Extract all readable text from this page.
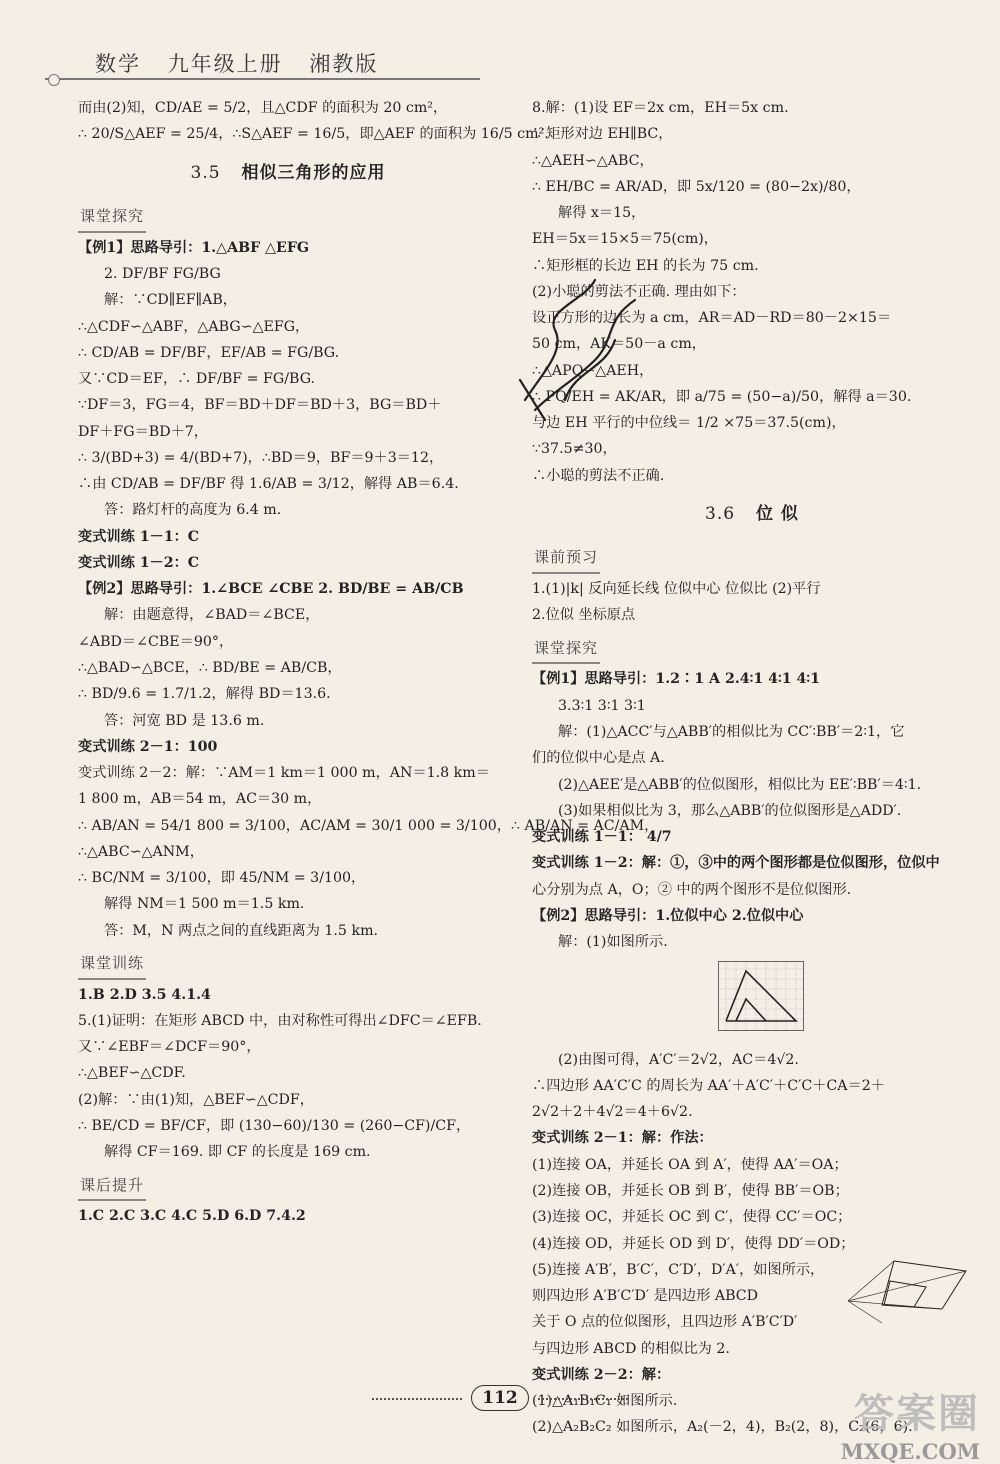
数学 九年级上册 湘教版
而由(2)知，CD/AE = 5/2，且△CDF 的面积为 20 cm²，
∴ 20/S△AEF = 25/4，∴S△AEF = 16/5，即△AEF 的面积为 16/5 cm².
3.5 相似三角形的应用
课堂探究
【例1】思路导引：1.△ABF △EFG
2. DF/BF FG/BG
解：∵CD∥EF∥AB，
∴△CDF∽△ABF，△ABG∽△EFG，
∴ CD/AB = DF/BF，EF/AB = FG/BG.
又∵CD＝EF，∴ DF/BF = FG/BG.
∵DF＝3，FG＝4，BF＝BD＋DF＝BD＋3，BG＝BD＋
DF＋FG＝BD＋7，
∴ 3/(BD+3) = 4/(BD+7)，∴BD＝9，BF＝9＋3＝12，
∴由 CD/AB = DF/BF 得 1.6/AB = 3/12，解得 AB＝6.4.
答：路灯杆的高度为 6.4 m.
变式训练 1－1：C
变式训练 1－2：C
【例2】思路导引：1.∠BCE ∠CBE 2. BD/BE = AB/CB
解：由题意得，∠BAD＝∠BCE，
∠ABD＝∠CBE＝90°，
∴△BAD∽△BCE，∴ BD/BE = AB/CB，
∴ BD/9.6 = 1.7/1.2，解得 BD＝13.6.
答：河宽 BD 是 13.6 m.
变式训练 2－1：100
变式训练 2－2：解：∵AM＝1 km＝1 000 m，AN＝1.8 km＝
1 800 m，AB＝54 m，AC＝30 m，
∴ AB/AN = 54/1 800 = 3/100，AC/AM = 30/1 000 = 3/100，∴ AB/AN = AC/AM，
∴△ABC∽△ANM，
∴ BC/NM = 3/100，即 45/NM = 3/100，
解得 NM＝1 500 m＝1.5 km.
答：M，N 两点之间的直线距离为 1.5 km.
课堂训练
1.B 2.D 3.5 4.1.4
5.(1)证明：在矩形 ABCD 中，由对称性可得出∠DFC＝∠EFB.
又∵∠EBF＝∠DCF＝90°，
∴△BEF∽△CDF.
(2)解：∵由(1)知，△BEF∽△CDF，
∴ BE/CD = BF/CF，即 (130−60)/130 = (260−CF)/CF，
解得 CF＝169. 即 CF 的长度是 169 cm.
课后提升
1.C 2.C 3.C 4.C 5.D 6.D 7.4.2
8.解：(1)设 EF＝2x cm，EH＝5x cm.
∵矩形对边 EH∥BC，
∴△AEH∽△ABC，
∴ EH/BC = AR/AD，即 5x/120 = (80−2x)/80，
解得 x＝15，
EH＝5x＝15×5＝75(cm)，
∴矩形框的长边 EH 的长为 75 cm.
(2)小聪的剪法不正确. 理由如下：
设正方形的边长为 a cm，AR＝AD－RD＝80－2×15＝
50 cm，AK＝50－a cm，
∴△APQ∽△AEH，
∴ PQ/EH = AK/AR，即 a/75 = (50−a)/50，解得 a＝30.
与边 EH 平行的中位线＝ 1/2 ×75＝37.5(cm)，
∵37.5≠30，
∴小聪的剪法不正确.
3.6 位 似
课前预习
1.(1)|k| 反向延长线 位似中心 位似比 (2)平行
2.位似 坐标原点
课堂探究
【例1】思路导引：1.2∶1 A 2.4∶1 4∶1 4∶1
3.3∶1 3∶1 3∶1
解：(1)△ACC′与△ABB′的相似比为 CC′∶BB′＝2∶1，它
们的位似中心是点 A.
(2)△AEE′是△ABB′的位似图形，相似比为 EE′∶BB′＝4∶1.
(3)如果相似比为 3，那么△ABB′的位似图形是△ADD′.
变式训练 1－1： 4/7
变式训练 1－2：解：①，③中的两个图形都是位似图形，位似中
心分别为点 A，O；② 中的两个图形不是位似图形.
【例2】思路导引：1.位似中心 2.位似中心
解：(1)如图所示.
(2)由图可得，A′C′＝2√2，AC＝4√2.
∴四边形 AA′C′C 的周长为 AA′＋A′C′＋C′C＋CA＝2＋
2√2＋2＋4√2＝4＋6√2.
变式训练 2－1：解：作法：
(1)连接 OA，并延长 OA 到 A′，使得 AA′＝OA；
(2)连接 OB，并延长 OB 到 B′，使得 BB′＝OB；
(3)连接 OC，并延长 OC 到 C′，使得 CC′＝OC；
(4)连接 OD，并延长 OD 到 D′，使得 DD′＝OD；
(5)连接 A′B′，B′C′，C′D′，D′A′，如图所示，
则四边形 A′B′C′D′ 是四边形 ABCD
关于 O 点的位似图形，且四边形 A′B′C′D′
与四边形 ABCD 的相似比为 2.
变式训练 2－2：解：
(1)△A₁B₁C₁ 如图所示.
(2)△A₂B₂C₂ 如图所示，A₂(－2，4)，B₂(2，8)，C₂(6，6).
112	答案圈
MXQE.COM
